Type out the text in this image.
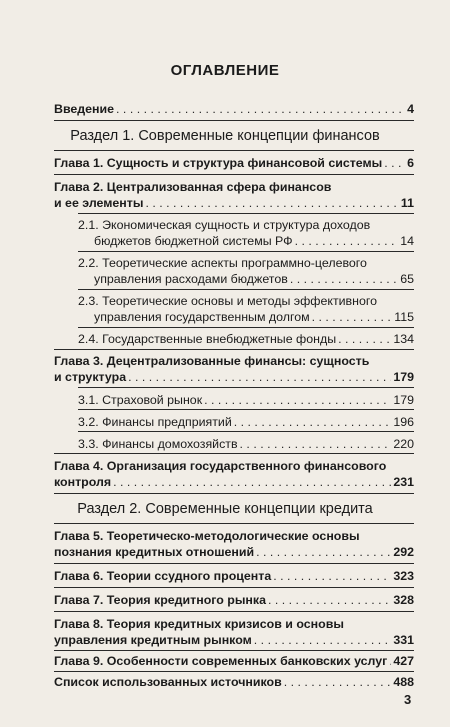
ОГЛАВЛЕНИЕ
Введение . . .	4
Раздел 1. Современные концепции финансов
Глава 1. Сущность и структура финансовой системы . . . 6
Глава 2. Централизованная сфера финансов
и ее элементы . . .	11
2.1. Экономическая сущность и структура доходов
бюджетов бюджетной системы РФ . . .	14
2.2. Теоретические аспекты программно-целевого
управления расходами бюджетов . . .	65
2.3. Теоретические основы и методы эффективного
управления государственным долгом . . .	115
2.4. Государственные внебюджетные фонды . . .	134
Глава 3. Децентрализованные финансы: сущность
и структура . . .	179
3.1. Страховой рынок . . .	179
3.2. Финансы предприятий . . .	196
3.3. Финансы домохозяйств . . .	220
Глава 4. Организация государственного финансового
контроля . . .	231
Раздел 2. Современные концепции кредита
Глава 5. Теоретическо-методологические основы
познания кредитных отношений . . .	292
Глава 6. Теории ссудного процента . . .	323
Глава 7. Теория кредитного рынка . . .	328
Глава 8. Теория кредитных кризисов и основы
управления кредитным рынком . . .	331
Глава 9. Особенности современных банковских услуг . . . 427
Список использованных источников . . .	488
3
